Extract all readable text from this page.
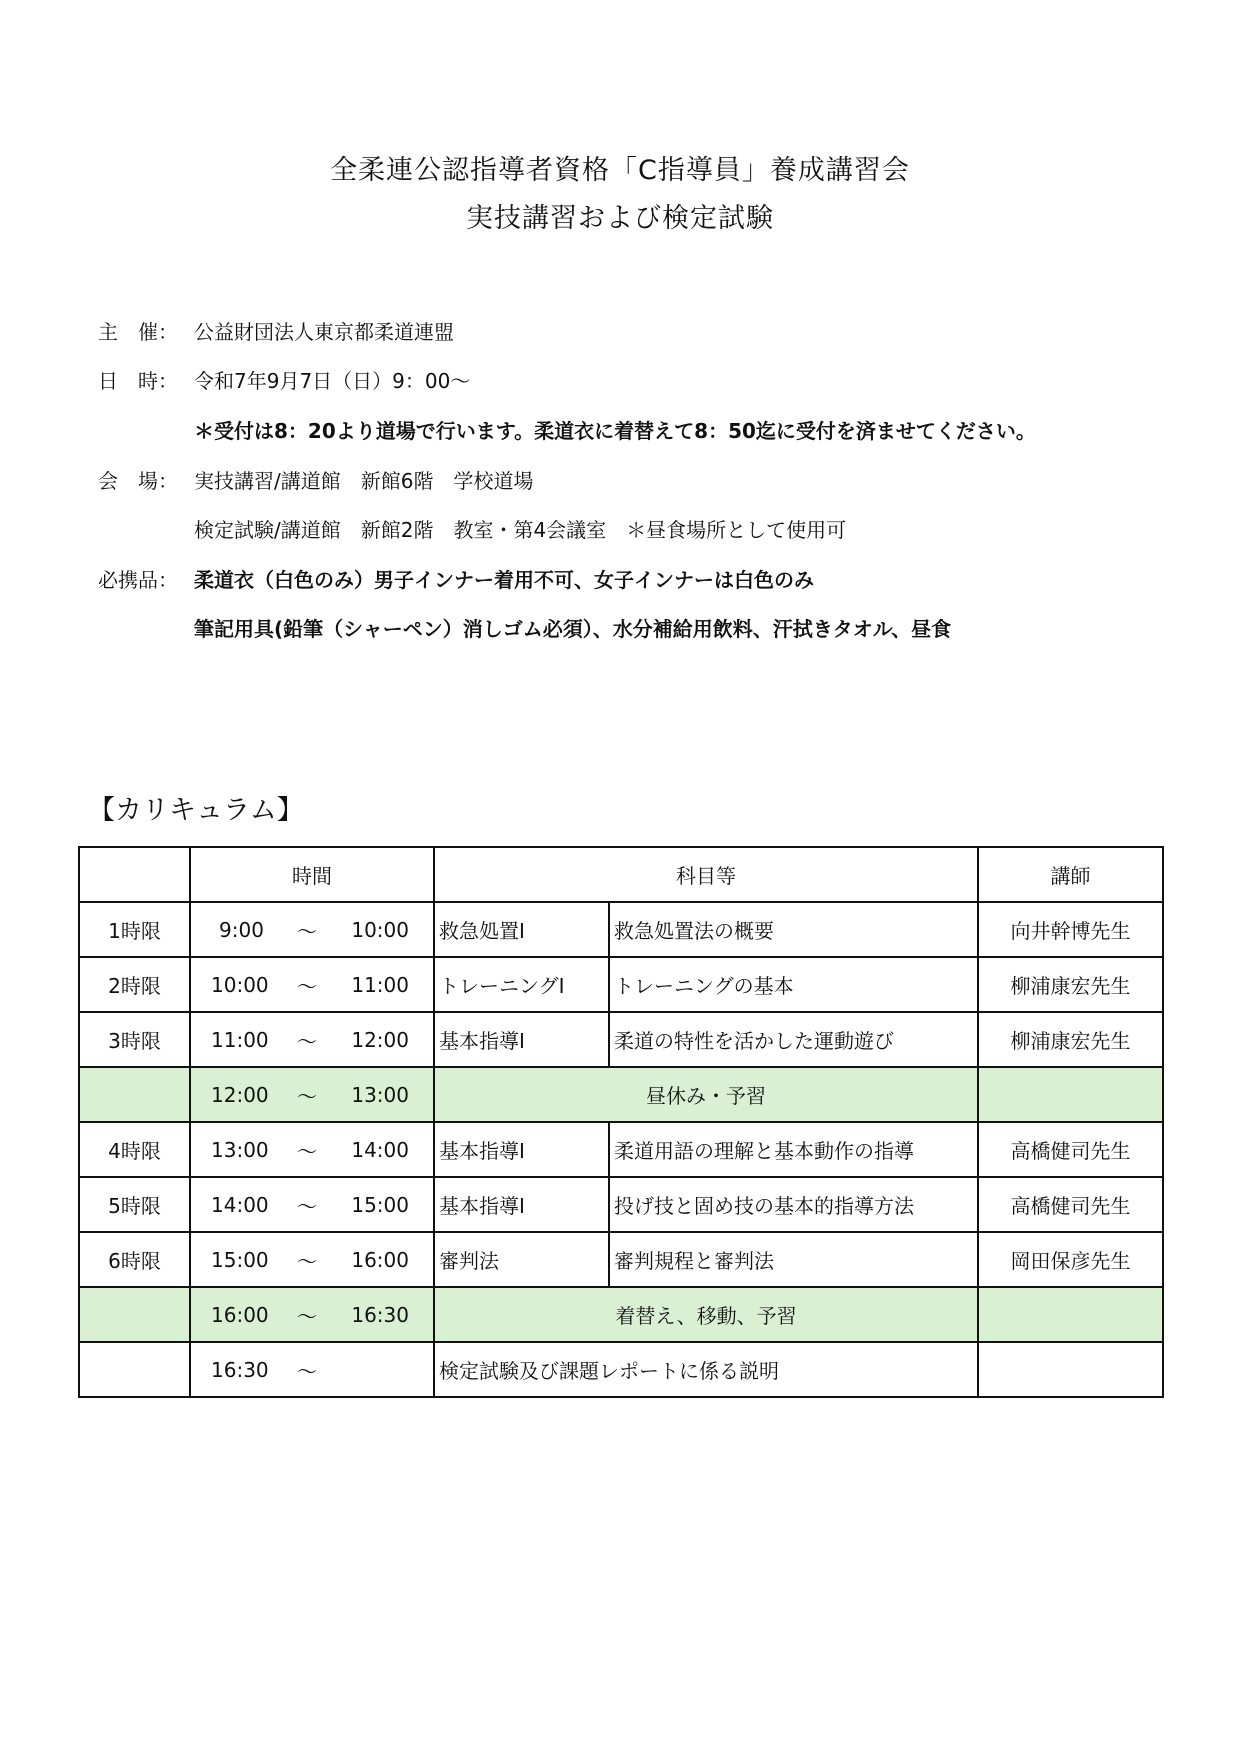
全柔連公認指導者資格「C指導員」養成講習会
実技講習および検定試験
主　催： 公益財団法人東京都柔道連盟
日　時： 令和7年9月7日（日）9：00～
＊受付は8：20より道場で行います。柔道衣に着替えて8：50迄に受付を済ませてください。
会　場： 実技講習/講道館　新館6階　学校道場
検定試験/講道館　新館2階　教室・第4会議室　＊昼食場所として使用可
必携品： 柔道衣（白色のみ）男子インナー着用不可、女子インナーは白色のみ
筆記用具(鉛筆（シャーペン）消しゴム必須）、水分補給用飲料、汗拭きタオル、昼食
【カリキュラム】
	時間	科目等		講師
1時限	9:00 ～ 10:00	救急処置Ⅰ	救急処置法の概要	向井幹博先生
2時限	10:00 ～ 11:00	トレーニングⅠ	トレーニングの基本	柳浦康宏先生
3時限	11:00 ～ 12:00	基本指導Ⅰ	柔道の特性を活かした運動遊び	柳浦康宏先生

	12:00 ～ 13:00	昼休み・予習		
4時限	13:00 ～ 14:00	基本指導Ⅰ	柔道用語の理解と基本動作の指導	高橋健司先生
5時限	14:00 ～ 15:00	基本指導Ⅰ	投げ技と固め技の基本的指導方法	高橋健司先生
6時限	15:00 ～ 16:00	審判法	審判規程と審判法	岡田保彦先生

	16:00 ～ 16:30	着替え、移動、予習		

	16:30 ～	検定試験及び課題レポートに係る説明		
